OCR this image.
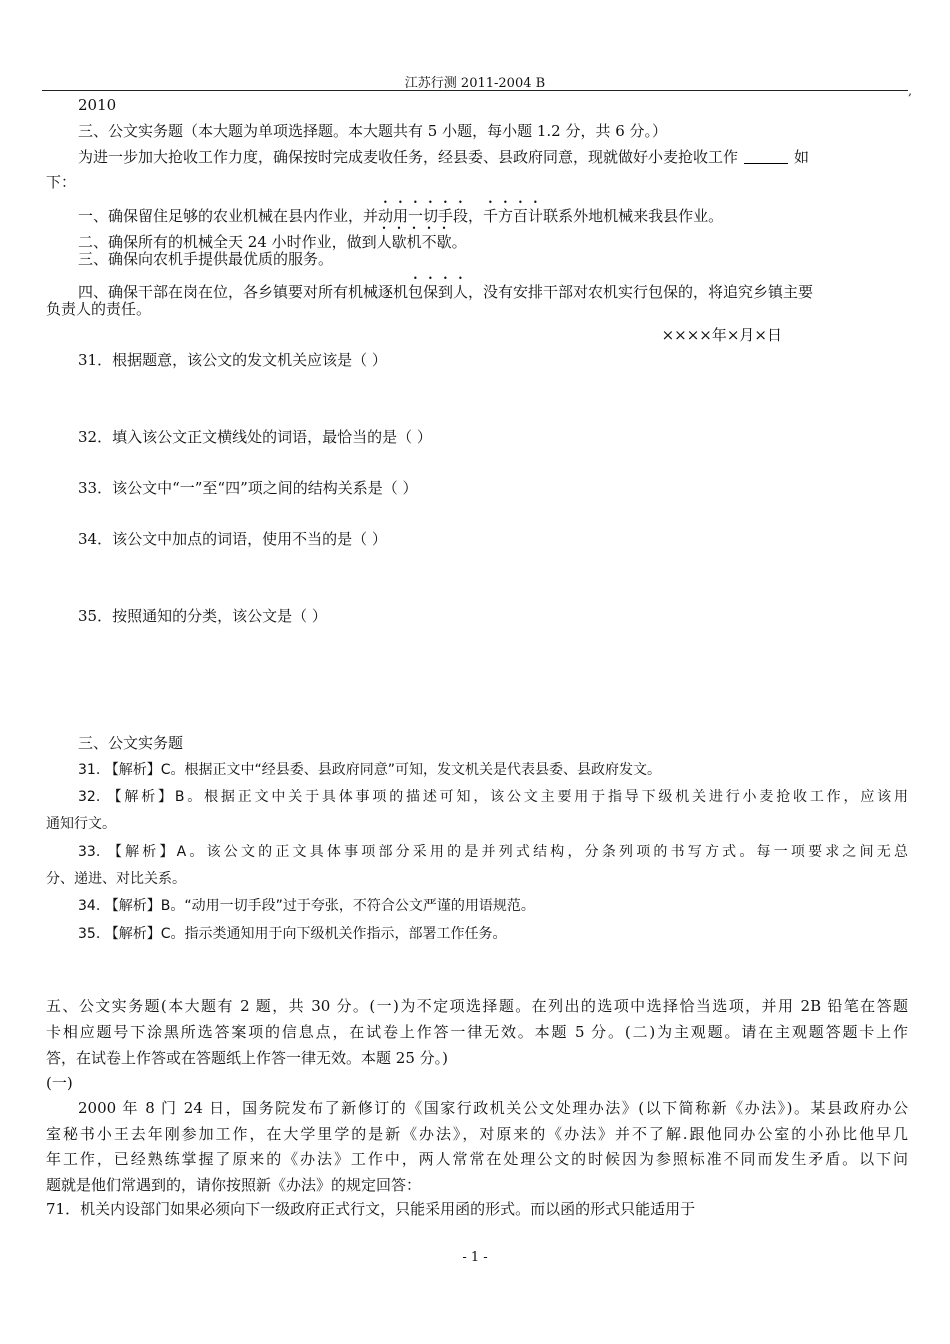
江苏行测 2011-2004 B	,
2010
三、公文实务题（本大题为单项选择题。本大题共有 5 小题，每小题 1.2 分，共 6 分。）
为进一步加大抢收工作力度，确保按时完成麦收任务，经县委、县政府同意，现就做好小麦抢收工作	如
下：
一、确保留住足够的农业机械在县内作业，并动用一切手段，千方百计联系外地机械来我县作业。
二、确保所有的机械全天 24 小时作业，做到人歇机不歇。
三、确保向农机手提供最优质的服务。
四、确保干部在岗在位，各乡镇要对所有机械逐机包保到人，没有安排干部对农机实行包保的，将追究乡镇主要
负责人的责任。
××××年×月×日
31．根据题意，该公文的发文机关应该是（ ）
32．填入该公文正文横线处的词语，最恰当的是（ ）
33．该公文中“一”至“四”项之间的结构关系是（ ）
34．该公文中加点的词语，使用不当的是（ ）
35．按照通知的分类，该公文是（ ）
三、公文实务题
31. 【解析】C。根据正文中“经县委、县政府同意”可知，发文机关是代表县委、县政府发文。
32. 【解析】B。根据正文中关于具体事项的描述可知，该公文主要用于指导下级机关进行小麦抢收工作，应该用
通知行文。
33. 【解析】A。该公文的正文具体事项部分采用的是并列式结构，分条列项的书写方式。每一项要求之间无总
分、递进、对比关系。
34. 【解析】B。“动用一切手段”过于夸张，不符合公文严谨的用语规范。
35. 【解析】C。指示类通知用于向下级机关作指示，部署工作任务。
五、公文实务题(本大题有 2 题，共 30 分。(一)为不定项选择题。在列出的选项中选择恰当选项，并用 2B 铅笔在答题
卡相应题号下涂黑所选答案项的信息点，在试卷上作答一律无效。本题 5 分。(二)为主观题。请在主观题答题卡上作
答，在试卷上作答或在答题纸上作答一律无效。本题 25 分。)
(一)
2000 年 8 门 24 日，国务院发布了新修订的《国家行政机关公文处理办法》(以下简称新《办法》)。某县政府办公
室秘书小王去年刚参加工作，在大学里学的是新《办法》，对原来的《办法》并不了解.跟他同办公室的小孙比他早几
年工作，已经熟练掌握了原来的《办法》工作中，两人常常在处理公文的时候因为参照标准不同而发生矛盾。以下问
题就是他们常遇到的，请你按照新《办法》的规定回答：
71．机关内设部门如果必须向下一级政府正式行文，只能采用函的形式。而以函的形式只能适用于
- 1 -
